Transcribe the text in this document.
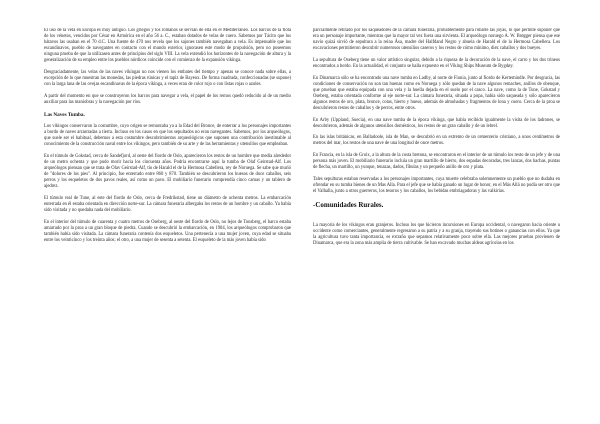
El uso de la vela en Europa es muy antiguo. Los griegos y los romanos se servían de ella en el Mediterráneo. Los barcos de la flota de los vénetos, vencidos por César en Armórica en el año 56 a. C., estaban dotados de velas de cuero. Sabemos por Tácito que los bátavos las usaban en el 70 d.C. Una fuente de 470 nos revela que los sajones también navegaban a vela. Es impensable que los escandinavos, pueblo de navegantes en contacto con el mundo exterior, ignorasen este modo de propulsión, pero no poseemos ninguna prueba de que la utilizasen antes de principios del siglo VIII. La vela extendió los horizontes de la navegación de altura y la generalización de su empleo entre los pueblos nórdicos coincide con el comienzo de la expansión vikinga.

Desgraciadamente, las velas de las naves vikingas no nos vienen los embates del tiempo y apenas se conoce nada sobre ellas, a excepción de lo que muestran las monedas, las piedras rúnicas y el tapiz de Bayeux. De forma cuadrada, confeccionadas (se supone) con la larga lana de las ovejas escandinavas de la época vikinga, a veces eran de color rojo o con listas rojas o azules.

A partir del momento en que se construyeron los barcos para navegar a vela, el papel de los remos quedó reducido al de un medio auxiliar para las maniobras y la navegación por ríos.

Las Naves Tumba.

Los vikingos conservaron la costumbre, cuyo origen se remontaba ya a la Edad del Bronce, de enterrar a los personajes importantes a bordo de naves arrastradas a tierra. Incluso en los casos en que los sepultados no eran navegantes. Sabemos, por los arqueólogos, que suele ser el habitual, debemos a esta costumbre descubrimientos arqueológicos que suponen una contribución inestimable al conocimiento de la construcción naval entre los vikingos, pero también de su arte y de las herramientas y utensilios que empleaban.

En el túmulo de Gokstad, cerca de Sandefjord, al oeste del fiordo de Oslo, aparecieron los restos de un hombre que medía alrededor de un metro ochenta y que pudo morir hacia los cincuenta años. Podría encontrarse aquí la tumba de Olaf Geirstad-Alf. Los arqueólogos piensan que se trata de Olav Geirstad-Alf, tío de Harald el de la Hermosa Cabellera, rey de Noruega. Se sabe que murió de "dolores de los pies". Al principio, fue enterrado entre 860 y 870. También se descubrieron los huesos de doce caballos, seis perros y los esqueletos de dos pavos reales, así como un pavo. El mobiliario funerario comprendía cinco camas y un tablero de ajedrez.

El túmulo real de Tune, al este del fiordo de Oslo, cerca de Fredrikstad, tiene un diámetro de ochenta metros. La embarcación enterrada en él estaba orientada en dirección norte-sur. La cámara funeraria albergaba los restos de un hombre y un caballo. Ya había sido visitada y no quedaba nada del mobiliario.

En el interior del túmulo de cuarenta y cuatro metros de Oseberg, al oeste del fiordo de Oslo, no lejos de Tonsberg, el barco estaba amarrado por la proa a un gran bloque de piedra. Cuando se descubrió la embarcación, en 1904, los arqueólogos comprobaron que también había sido visitada. La cámara funeraria contenía dos esqueletos. Una pertenecía a una mujer joven, cuya edad se situaba entre los veinticinco y los treinta años; el otro, a una mujer de sesenta a setenta. El esqueleto de la más joven había sido

parcialmente retirado por los saqueadores de la cámara funeraria, probablemente para robarle las joyas, lo que permite suponer que era un personaje importante, mientras que la mayor tal vez fuera una sirvienta. El arqueólogo noruego A. W. Brøgger piensa que ese navío quizá sirvió de sepultura a la reina Åsa, madre del Halfdand Negro y abuela de Harald el de la Hermosa Cabellera. Los excavaciones permitieron descubrir numerosos utensilios caseros y los restos de cómo mínimo, diez caballos y dos bueyes.

La sepultura de Oseberg tiene un valor artístico singular, debido a la riqueza de la decoración de la nave, el carro y los dos trineos encontrados a bordo. En la actualidad, el conjunto se halla expuesto en el Viking Ships Museum de Bygdøy.

En Dinamarca sólo se ha encontrado una nave tumba en Ladby, al norte de Fionia, junto al fiordo de Kertemindle. Por desgracia, las condiciones de conservación no son tan buenas como en Noruega y sólo quedan de la nave algunos remaches, anillos de obenque, que prueban que estaba equipada con una vela y la huella dejada en el suelo por el casco. La nave, como la de Tune, Gokstad y Oseberg, estaba orientada conforme al eje norte-sur. La cámara funeraria, situada a popa, había sido saqueada y sólo aparecieron algunos restos de oro, plata, bronce, cotas, hierro y hueso, además de almohadas y fragmentos de lona y cuero. Cerca de la proa se descubrieron restos de caballos y de perros, entre otros.

En Arby (Uppland, Suecia), en una nave tumba de la época vikinga, que había recibido igualmente la visita de los ladrones, se descubrieron, además de algunos utensilios domésticos, los restos de un gran caballo y de un lebrel.

En las islas británicas, en Balladoole, isla de Man, se descubrió en un extremo de un cementerio cristiano, a unos centímetros de metros del mar, los restos de una nave de una longitud de once metros.

En Francia, en la isla de Groix, a la altura de la costa bretona, se encontraron en el interior de un túmulo los resto de un jefe y de una persona más joven. El mobiliario funerario incluía un gran martillo de hierro, dos espadas decoradas, tres lanzas, dos hachas, puntas de flecha, un martillo, un yunque, tenazas, dados, fíbulas y un pequeño anillo de oro y plata.

Tales sepulturas estaban reservadas a los personajes importantes, cuya muerte celebraba solemnemente un pueblo que no dudaba en ofrendar en su tumba bienes de un Mas Alla. Para el jefe que se había ganado un lugar de honor, en el Más Allá no podía ser otro que el Valhalla, junto a otros guerreros, los tesoros y los caballos, los bebidas embriagadoras y las valkirias.

-Comunidades Rurales.

La mayoría de los vikingos eran granjeros. Incluso los que hicieron incursiones en Europa occidental, o navegaron hacia oriente u occidente como comerciantes, generalmente regresaron a su patria y a su granja, trayendo sus botines o ganancias con ellos. Ya que la agricultura tuvo tanta importancia, es extraño que sepamos relativamente poco sobre ella. Las mejores pruebas provienen de Dinamarca, que era la zona más amplia de tierra cultivable. Se han excavado muchas aldeas agrícolas en los
